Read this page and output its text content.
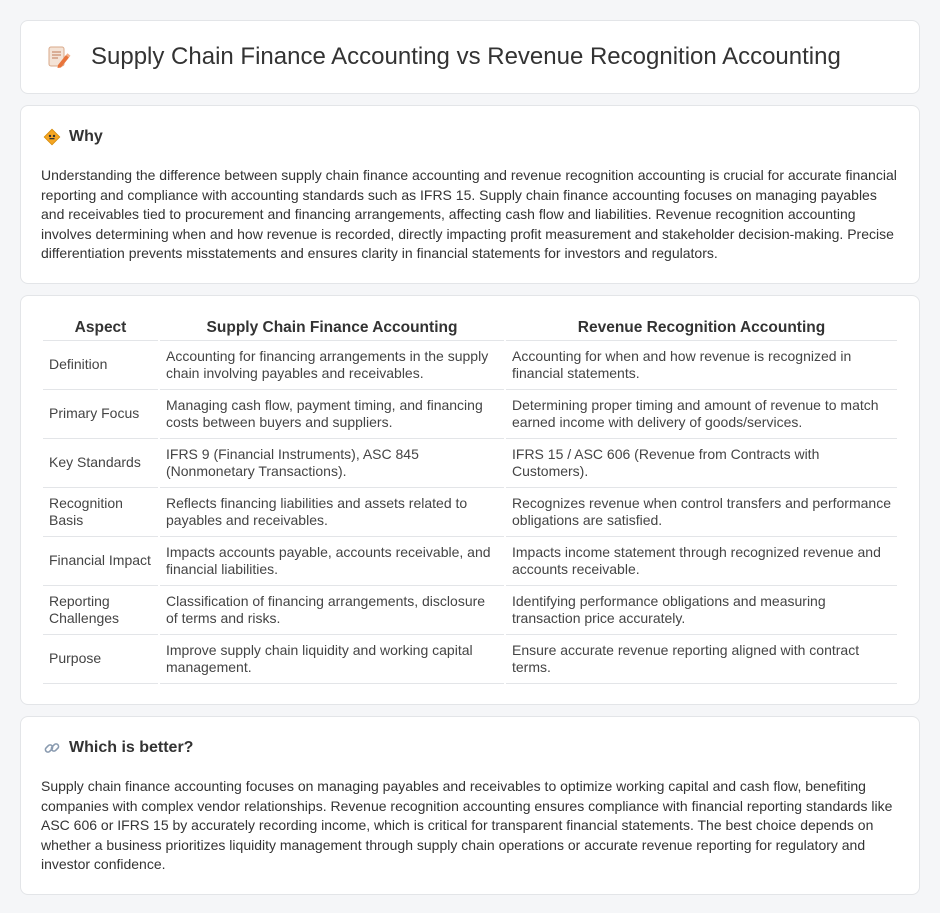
Supply Chain Finance Accounting vs Revenue Recognition Accounting
Why

Understanding the difference between supply chain finance accounting and revenue recognition accounting is crucial for accurate financial reporting and compliance with accounting standards such as IFRS 15. Supply chain finance accounting focuses on managing payables and receivables tied to procurement and financing arrangements, affecting cash flow and liabilities. Revenue recognition accounting involves determining when and how revenue is recorded, directly impacting profit measurement and stakeholder decision-making. Precise differentiation prevents misstatements and ensures clarity in financial statements for investors and regulators.

Aspect	Supply Chain Finance Accounting	Revenue Recognition Accounting
Definition	Accounting for financing arrangements in the supply chain involving payables and receivables.	Accounting for when and how revenue is recognized in financial statements.
Primary Focus	Managing cash flow, payment timing, and financing costs between buyers and suppliers.	Determining proper timing and amount of revenue to match earned income with delivery of goods/services.
Key Standards	IFRS 9 (Financial Instruments), ASC 845 (Nonmonetary Transactions).	IFRS 15 / ASC 606 (Revenue from Contracts with Customers).
Recognition Basis	Reflects financing liabilities and assets related to payables and receivables.	Recognizes revenue when control transfers and performance obligations are satisfied.
Financial Impact	Impacts accounts payable, accounts receivable, and financial liabilities.	Impacts income statement through recognized revenue and accounts receivable.
Reporting Challenges	Classification of financing arrangements, disclosure of terms and risks.	Identifying performance obligations and measuring transaction price accurately.
Purpose	Improve supply chain liquidity and working capital management.	Ensure accurate revenue reporting aligned with contract terms.
Which is better?

Supply chain finance accounting focuses on managing payables and receivables to optimize working capital and cash flow, benefiting companies with complex vendor relationships. Revenue recognition accounting ensures compliance with financial reporting standards like ASC 606 or IFRS 15 by accurately recording income, which is critical for transparent financial statements. The best choice depends on whether a business prioritizes liquidity management through supply chain operations or accurate revenue reporting for regulatory and investor confidence.
